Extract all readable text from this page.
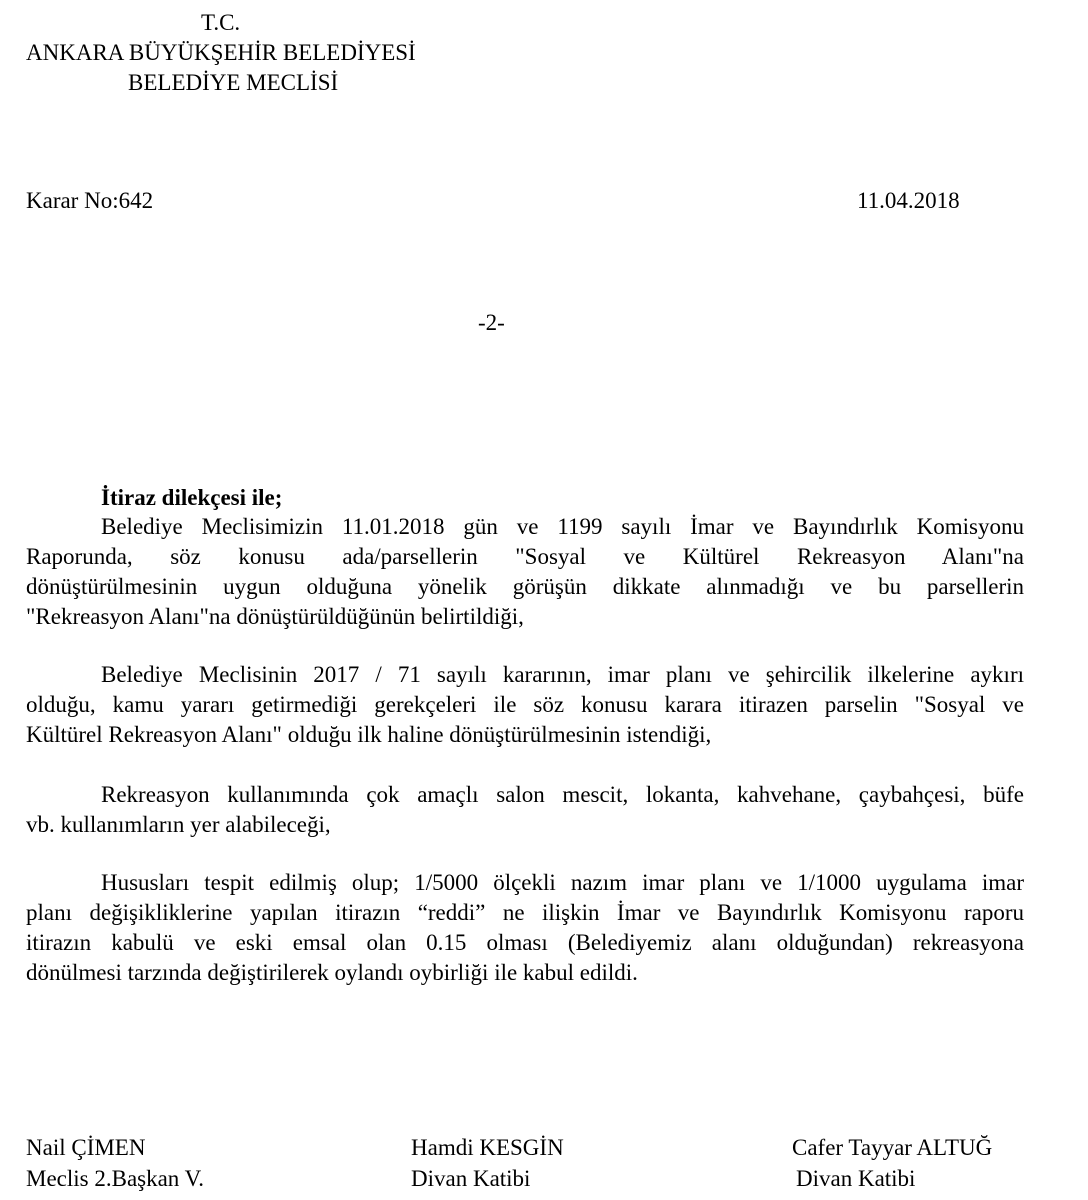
T.C.
ANKARA BÜYÜKŞEHİR BELEDİYESİ
BELEDİYE MECLİSİ
Karar No:642	11.04.2018
-2-
İtiraz dilekçesi ile;
Belediye Meclisimizin 11.01.2018 gün ve 1199 sayılı İmar ve Bayındırlık Komisyonu
Raporunda, söz konusu ada/parsellerin "Sosyal ve Kültürel Rekreasyon Alanı"na
dönüştürülmesinin uygun olduğuna yönelik görüşün dikkate alınmadığı ve bu parsellerin
"Rekreasyon Alanı"na dönüştürüldüğünün belirtildiği,
Belediye Meclisinin 2017 / 71 sayılı kararının, imar planı ve şehircilik ilkelerine aykırı
olduğu, kamu yararı getirmediği gerekçeleri ile söz konusu karara itirazen parselin "Sosyal ve
Kültürel Rekreasyon Alanı" olduğu ilk haline dönüştürülmesinin istendiği,
Rekreasyon kullanımında çok amaçlı salon mescit, lokanta, kahvehane, çaybahçesi, büfe
vb. kullanımların yer alabileceği,
Hususları tespit edilmiş olup; 1/5000 ölçekli nazım imar planı ve 1/1000 uygulama imar
planı değişikliklerine yapılan itirazın “reddi” ne ilişkin İmar ve Bayındırlık Komisyonu raporu
itirazın kabulü ve eski emsal olan 0.15 olması (Belediyemiz alanı olduğundan) rekreasyona
dönülmesi tarzında değiştirilerek oylandı oybirliği ile kabul edildi.
Nail ÇİMEN
Meclis 2.Başkan V.
Hamdi KESGİN
Divan Katibi
Cafer Tayyar ALTUĞ
Divan Katibi
